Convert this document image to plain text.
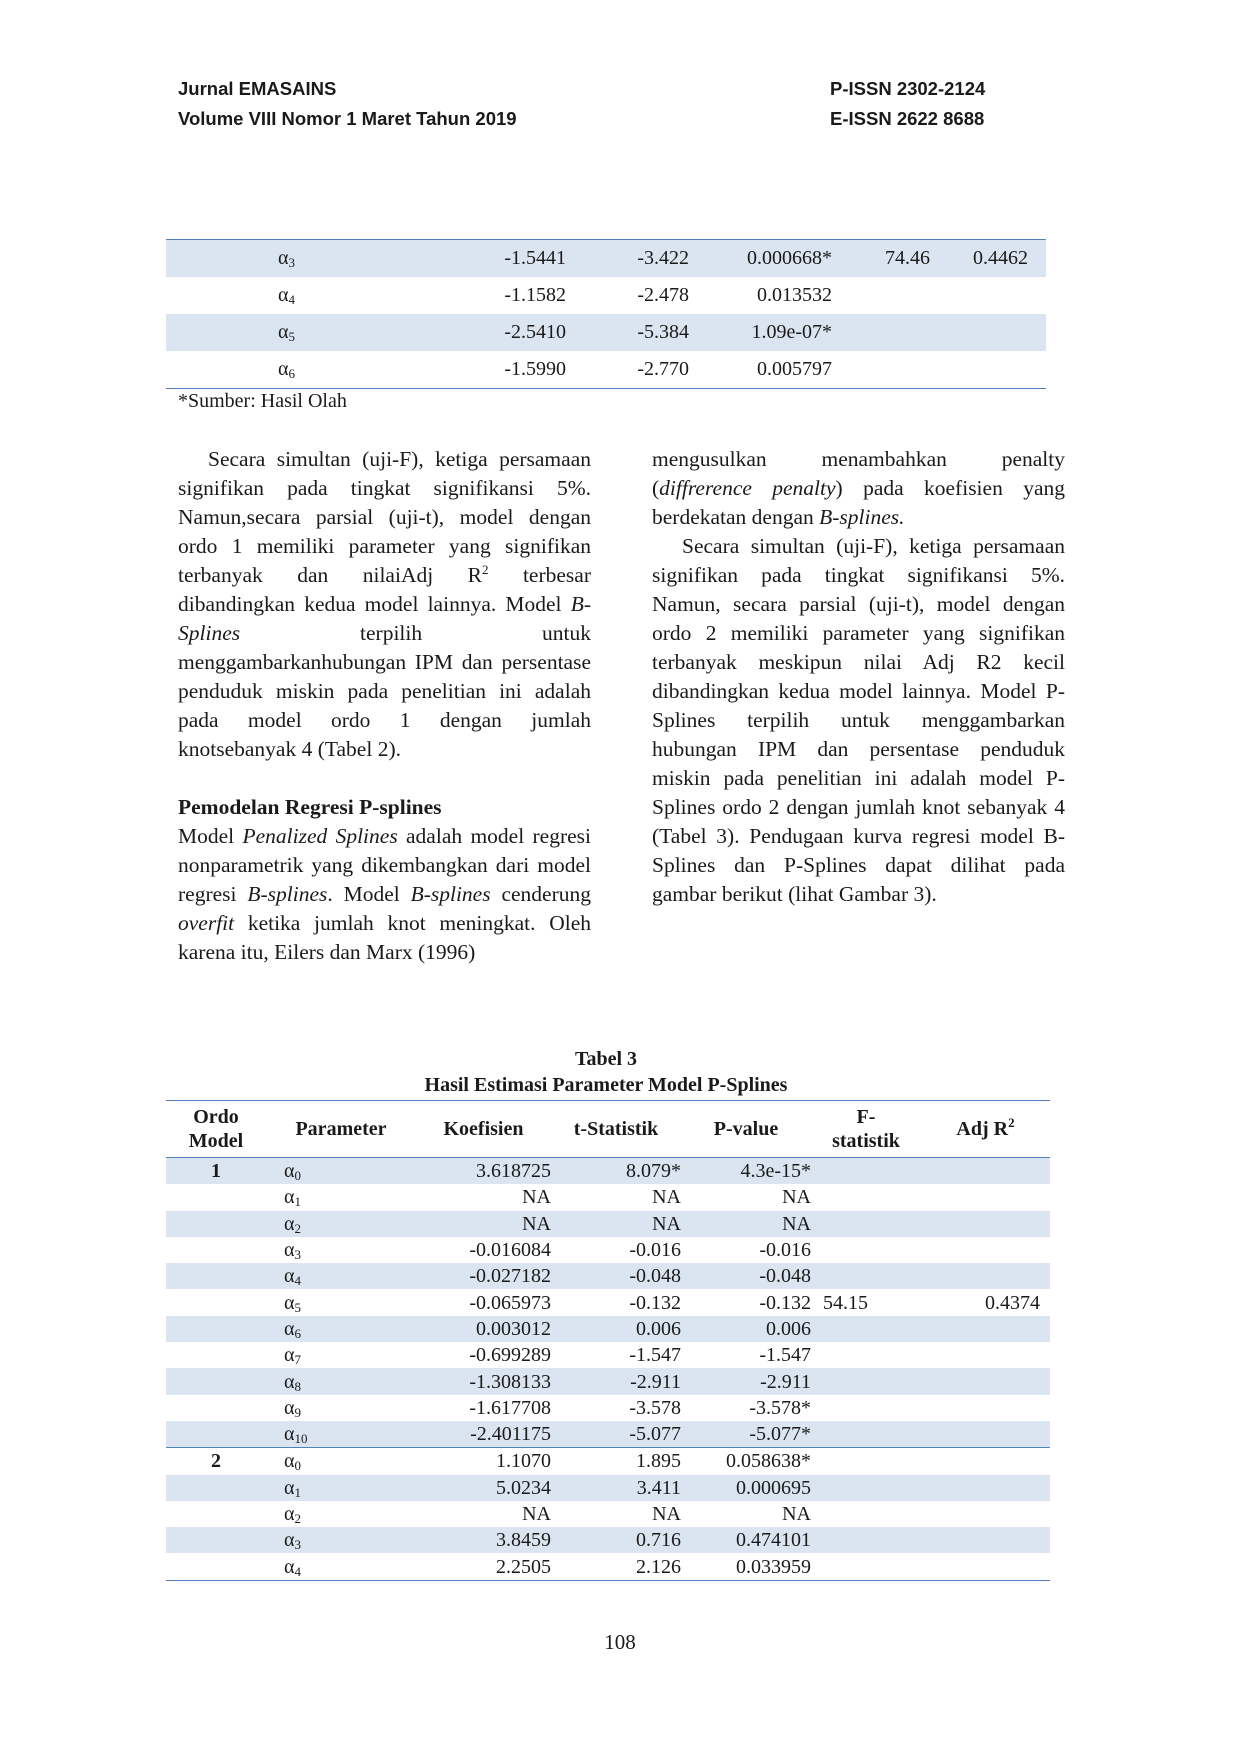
Jurnal EMASAINS
Volume VIII Nomor 1 Maret Tahun 2019
P-ISSN 2302-2124
E-ISSN 2622 8688
	$\alpha_3$	-1.5441	-3.422	0.000668*	74.46	0.4462	
	$\alpha_4$	-1.1582	-2.478	0.013532			
	$\alpha_5$	-2.5410	-5.384	1.09e-07*			
	$\alpha_6$	-1.5990	-2.770	0.005797			
*Sumber: Hasil Olah

Secara simultan (uji-F), ketiga persamaan signifikan pada tingkat signifikansi 5%. Namun,secara parsial (uji-t), model dengan ordo 1 memiliki parameter yang signifikan terbanyak dan nilaiAdj $R^2$ terbesar dibandingkan kedua model lainnya. Model B-Splines terpilih untuk menggambarkanhubungan IPM dan persentase penduduk miskin pada penelitian ini adalah pada model ordo 1 dengan jumlah knotsebanyak 4 (Tabel 2).

Pemodelan Regresi P-splines

Model Penalized Splines adalah model regresi nonparametrik yang dikembangkan dari model regresi B-splines. Model B-splines cenderung overfit ketika jumlah knot meningkat. Oleh karena itu, Eilers dan Marx (1996)

mengusulkan menambahkan penalty (diffrerence penalty) pada koefisien yang berdekatan dengan B-splines.

Secara simultan (uji-F), ketiga persamaan signifikan pada tingkat signifikansi 5%. Namun, secara parsial (uji-t), model dengan ordo 2 memiliki parameter yang signifikan terbanyak meskipun nilai Adj R2 kecil dibandingkan kedua model lainnya. Model P-Splines terpilih untuk menggambarkan hubungan IPM dan persentase penduduk miskin pada penelitian ini adalah model P-Splines ordo 2 dengan jumlah knot sebanyak 4 (Tabel 3). Pendugaan kurva regresi model B-Splines dan P-Splines dapat dilihat pada gambar berikut (lihat Gambar 3).

Tabel 3
Hasil Estimasi Parameter Model P-Splines
Ordo
Model	Parameter	Koefisien	t-Statistik	P-value	F-
statistik	Adj $R^2$
1	$\alpha_0$	3.618725	8.079*	4.3e-15*		
	$\alpha_1$	NA	NA	NA		
	$\alpha_2$	NA	NA	NA		
	$\alpha_3$	-0.016084	-0.016	-0.016		
	$\alpha_4$	-0.027182	-0.048	-0.048		
	$\alpha_5$	-0.065973	-0.132	-0.132	54.15	0.4374
	$\alpha_6$	0.003012	0.006	0.006		
	$\alpha_7$	-0.699289	-1.547	-1.547		
	$\alpha_8$	-1.308133	-2.911	-2.911		
	$\alpha_9$	-1.617708	-3.578	-3.578*		
	$\alpha_{10}$	-2.401175	-5.077	-5.077*		
2	$\alpha_0$	1.1070	1.895	0.058638*		
	$\alpha_1$	5.0234	3.411	0.000695		
	$\alpha_2$	NA	NA	NA		
	$\alpha_3$	3.8459	0.716	0.474101		
	$\alpha_4$	2.2505	2.126	0.033959		
108
